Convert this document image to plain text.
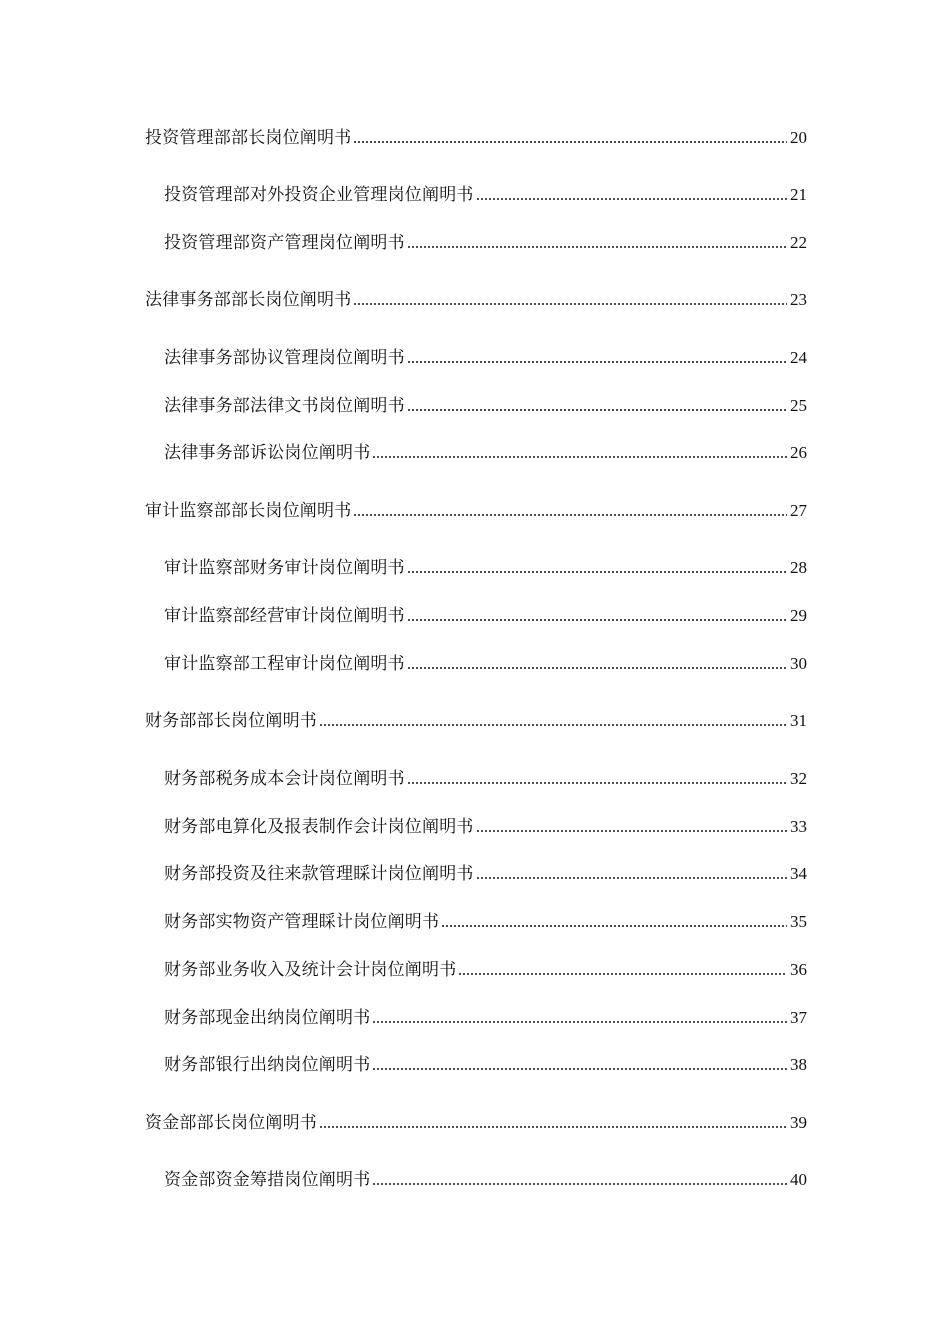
投资管理部部长岗位阐明书	20
投资管理部对外投资企业管理岗位阐明书	21
投资管理部资产管理岗位阐明书	22
法律事务部部长岗位阐明书	23
法律事务部协议管理岗位阐明书	24
法律事务部法律文书岗位阐明书	25
法律事务部诉讼岗位阐明书	26
审计监察部部长岗位阐明书	27
审计监察部财务审计岗位阐明书	28
审计监察部经营审计岗位阐明书	29
审计监察部工程审计岗位阐明书	30
财务部部长岗位阐明书	31
财务部税务成本会计岗位阐明书	32
财务部电算化及报表制作会计岗位阐明书	33
财务部投资及往来款管理睬计岗位阐明书	34
财务部实物资产管理睬计岗位阐明书	35
财务部业务收入及统计会计岗位阐明书	36
财务部现金出纳岗位阐明书	37
财务部银行出纳岗位阐明书	38
资金部部长岗位阐明书	39
资金部资金筹措岗位阐明书	40
